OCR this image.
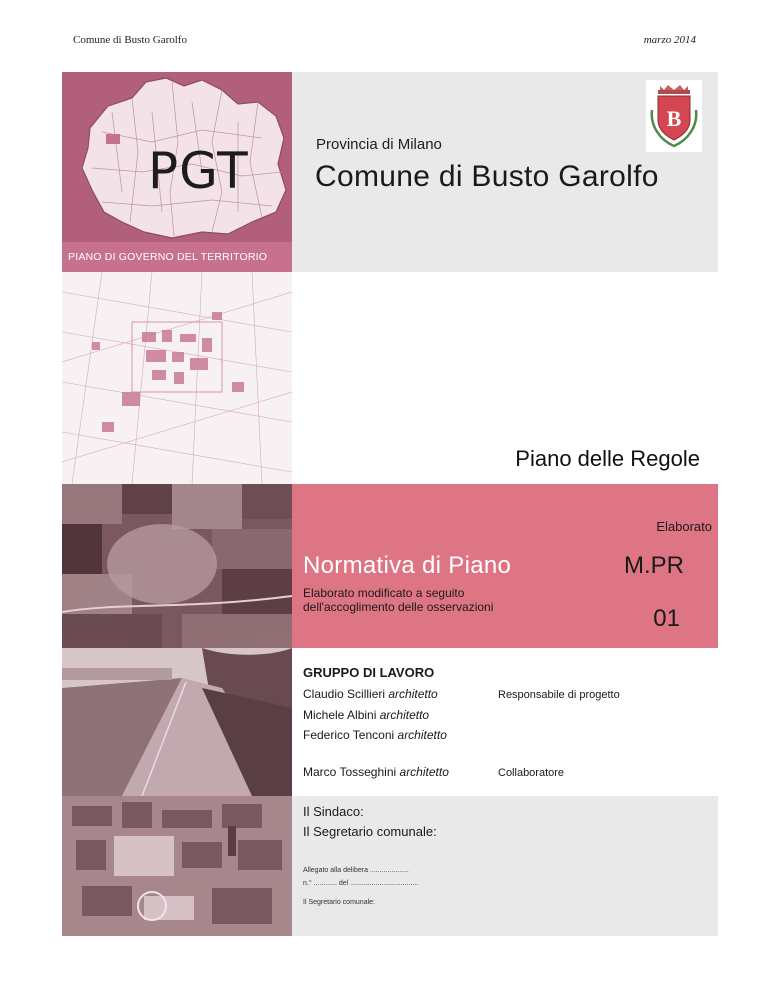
Comune di Busto Garolfo	marzo 2014
PGT
PIANO DI GOVERNO DEL TERRITORIO
B
Provincia di Milano
Comune di Busto Garolfo
Piano delle Regole
Elaborato
Normativa di Piano	M.PR
Elaborato modificato a seguito
dell'accoglimento delle osservazioni	01
GRUPPO DI LAVORO
Claudio Scillieri architetto	Responsabile di progetto
Michele Albini architetto
Federico Tenconi architetto
Marco Tosseghini architetto	Collaboratore
Il Sindaco:
Il Segretario comunale:
Allegato alla delibera ....................
n.° ............ del ...................................
Il Segretario comunale:
